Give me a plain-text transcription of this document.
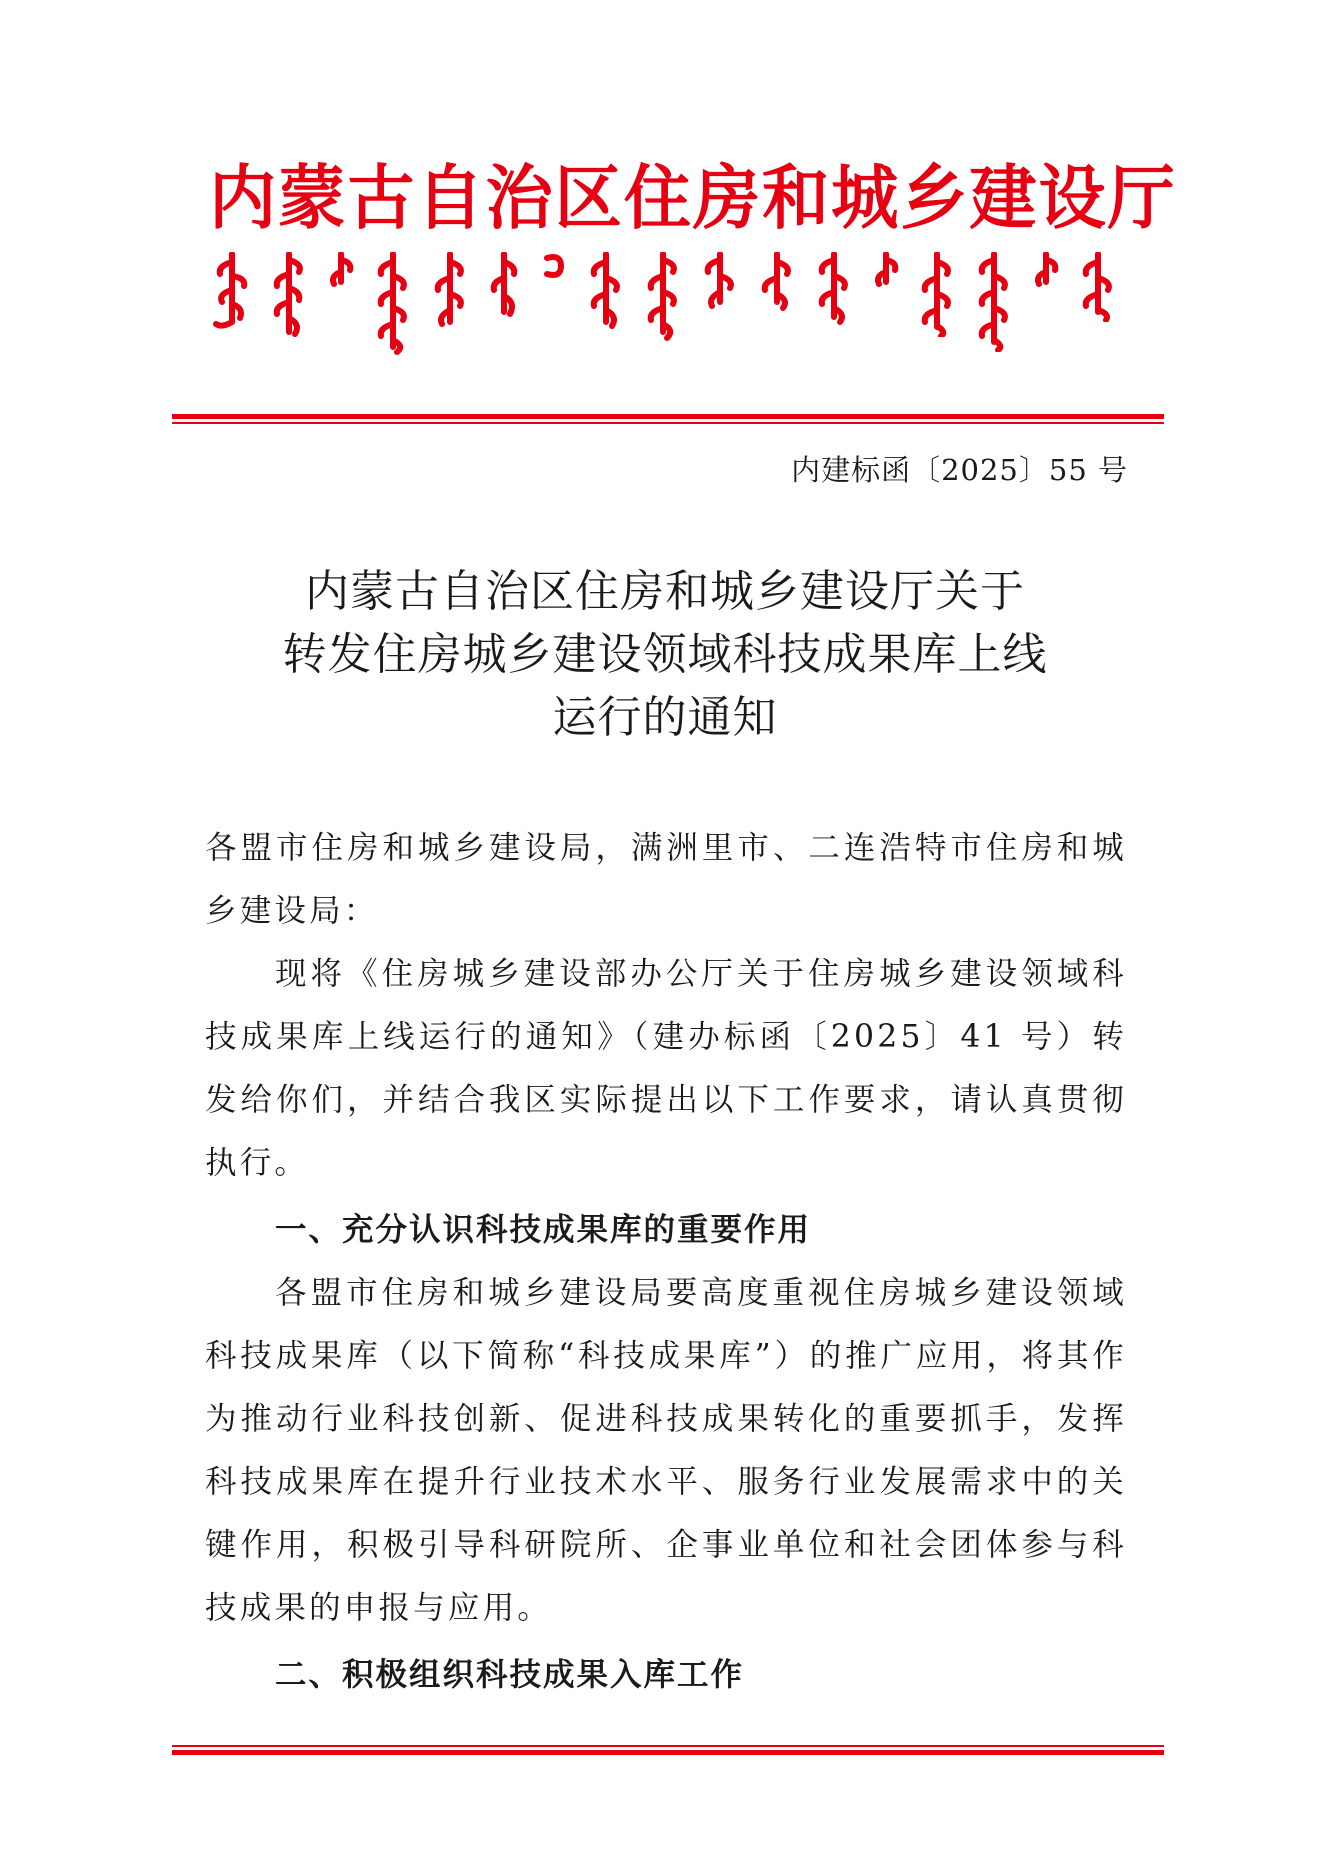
内蒙古自治区住房和城乡建设厅
内建标函〔2025〕55 号
内蒙古自治区住房和城乡建设厅关于
转发住房城乡建设领域科技成果库上线
运行的通知

各盟市住房和城乡建设局，满洲里市、二连浩特市住房和城乡建设局：

现将《住房城乡建设部办公厅关于住房城乡建设领域科技成果库上线运行的通知》（建办标函〔2025〕41 号）转发给你们，并结合我区实际提出以下工作要求，请认真贯彻执行。

一、充分认识科技成果库的重要作用

各盟市住房和城乡建设局要高度重视住房城乡建设领域科技成果库（以下简称“科技成果库”）的推广应用，将其作为推动行业科技创新、促进科技成果转化的重要抓手，发挥科技成果库在提升行业技术水平、服务行业发展需求中的关键作用，积极引导科研院所、企事业单位和社会团体参与科技成果的申报与应用。

二、积极组织科技成果入库工作
